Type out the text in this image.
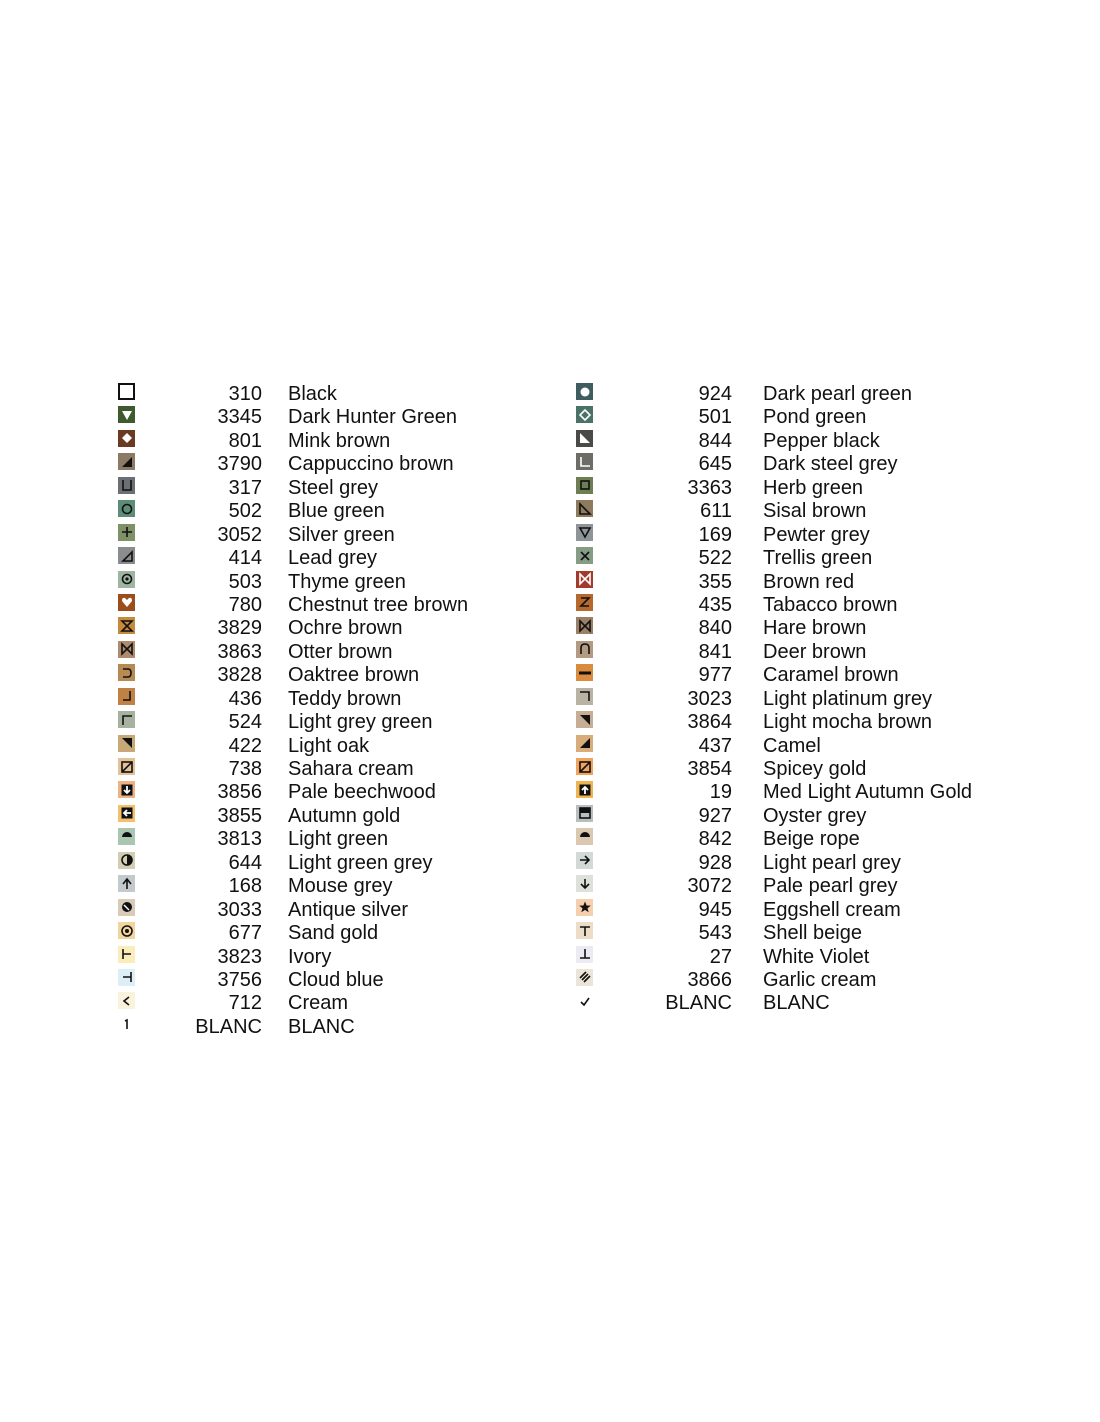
310 Black
3345 Dark Hunter Green
801 Mink brown
3790 Cappuccino brown
317 Steel grey
502 Blue green
3052 Silver green
414 Lead grey
503 Thyme green
780 Chestnut tree brown
3829 Ochre brown
3863 Otter brown
3828 Oaktree brown
436 Teddy brown
524 Light grey green
422 Light oak
738 Sahara cream
3856 Pale beechwood
3855 Autumn gold
3813 Light green
644 Light green grey
168 Mouse grey
3033 Antique silver
677 Sand gold
3823 Ivory
3756 Cloud blue
712 Cream
BLANC BLANC
924 Dark pearl green
501 Pond green
844 Pepper black
645 Dark steel grey
3363 Herb green
611 Sisal brown
169 Pewter grey
522 Trellis green
355 Brown red
435 Tabacco brown
840 Hare brown
841 Deer brown
977 Caramel brown
3023 Light platinum grey
3864 Light mocha brown
437 Camel
3854 Spicey gold
19 Med Light Autumn Gold
927 Oyster grey
842 Beige rope
928 Light pearl grey
3072 Pale pearl grey
945 Eggshell cream
543 Shell beige
27 White Violet
3866 Garlic cream
BLANC BLANC
